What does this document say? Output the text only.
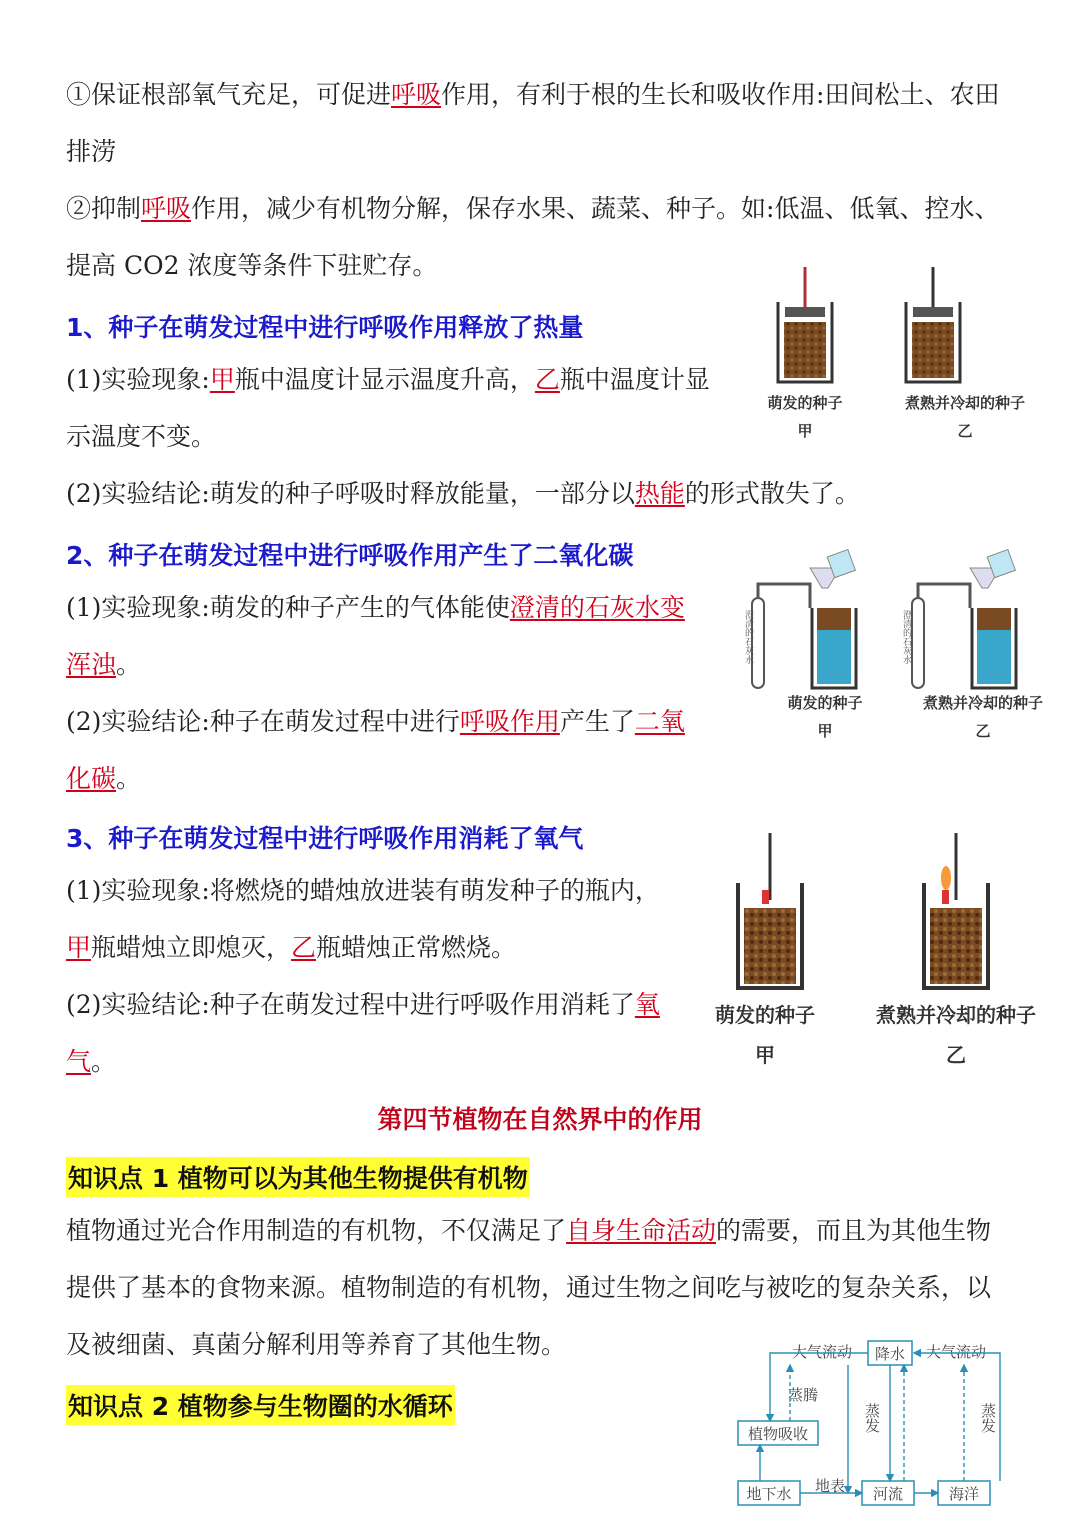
①保证根部氧气充足，可促进呼吸作用，有利于根的生长和吸收作用:田间松土、农田
排涝
②抑制呼吸作用，减少有机物分解，保存水果、蔬菜、种子。如:低温、低氧、控水、
提高 CO2 浓度等条件下驻贮存。
1、种子在萌发过程中进行呼吸作用释放了热量
(1)实验现象:甲瓶中温度计显示温度升高，乙瓶中温度计显
示温度不变。
(2)实验结论:萌发的种子呼吸时释放能量，一部分以热能的形式散失了。
萌发的种子
甲
煮熟并冷却的种子
乙
2、种子在萌发过程中进行呼吸作用产生了二氧化碳
(1)实验现象:萌发的种子产生的气体能使澄清的石灰水变
浑浊。
(2)实验结论:种子在萌发过程中进行呼吸作用产生了二氧
化碳。
澄清的石灰水	澄清的石灰水
萌发的种子
甲
煮熟并冷却的种子
乙
3、种子在萌发过程中进行呼吸作用消耗了氧气
(1)实验现象:将燃烧的蜡烛放进装有萌发种子的瓶内，
甲瓶蜡烛立即熄灭，乙瓶蜡烛正常燃烧。
(2)实验结论:种子在萌发过程中进行呼吸作用消耗了氧
气。
萌发的种子
甲
煮熟并冷却的种子
乙
第四节植物在自然界中的作用
知识点 1 植物可以为其他生物提供有机物
植物通过光合作用制造的有机物，不仅满足了自身生命活动的需要，而且为其他生物
提供了基本的食物来源。植物制造的有机物，通过生物之间吃与被吃的复杂关系，以
及被细菌、真菌分解利用等养育了其他生物。
知识点 2 植物参与生物圈的水循环
大气流动 降水 大气流动
蒸腾
蒸发	蒸发
植物吸收
地下水 地表 河流	海洋
